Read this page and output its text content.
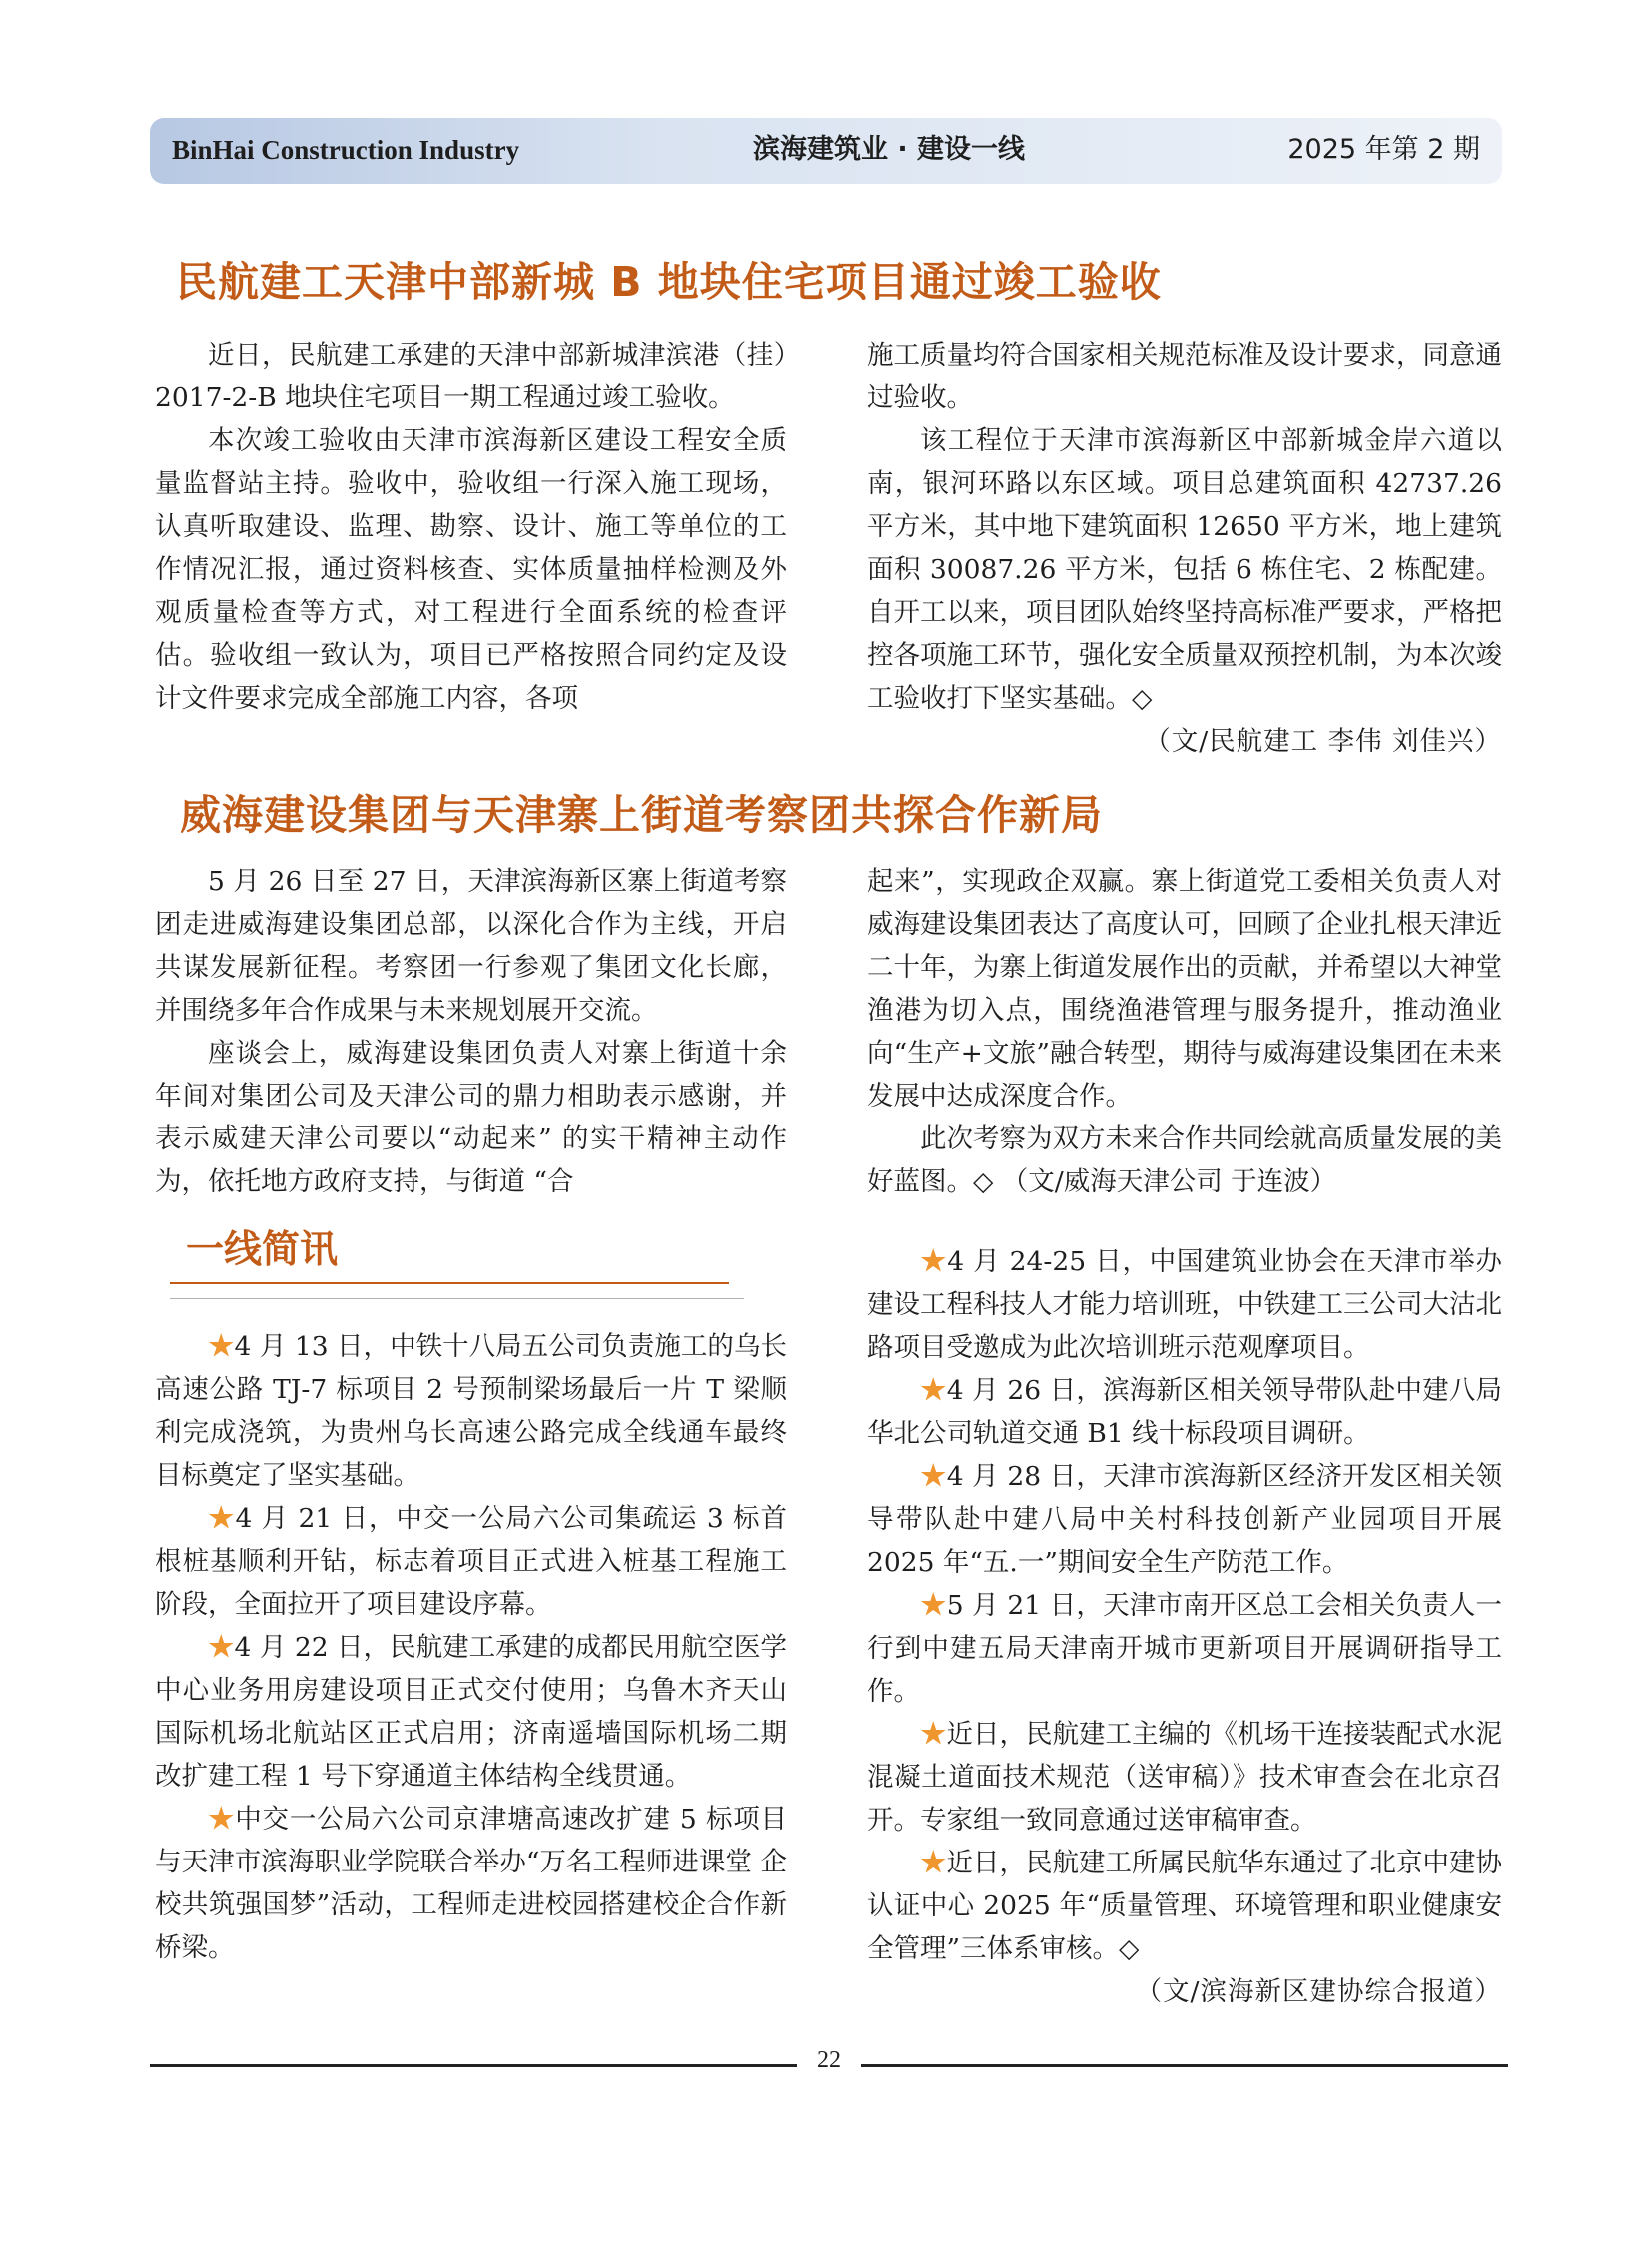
BinHai Construction Industry	滨海建筑业 · 建设一线	2025 年第 2 期
民航建工天津中部新城 B 地块住宅项目通过竣工验收

近日，民航建工承建的天津中部新城津滨港（挂）2017-2-B 地块住宅项目一期工程通过竣工验收。

本次竣工验收由天津市滨海新区建设工程安全质量监督站主持。验收中，验收组一行深入施工现场，认真听取建设、监理、勘察、设计、施工等单位的工作情况汇报，通过资料核查、实体质量抽样检测及外观质量检查等方式，对工程进行全面系统的检查评估。验收组一致认为，项目已严格按照合同约定及设计文件要求完成全部施工内容，各项

施工质量均符合国家相关规范标准及设计要求，同意通过验收。

该工程位于天津市滨海新区中部新城金岸六道以南，银河环路以东区域。项目总建筑面积 42737.26 平方米，其中地下建筑面积 12650 平方米，地上建筑面积 30087.26 平方米，包括 6 栋住宅、2 栋配建。自开工以来，项目团队始终坚持高标准严要求，严格把控各项施工环节，强化安全质量双预控机制，为本次竣工验收打下坚实基础。◇

（文/民航建工 李伟 刘佳兴）

威海建设集团与天津寨上街道考察团共探合作新局

5 月 26 日至 27 日，天津滨海新区寨上街道考察团走进威海建设集团总部，以深化合作为主线，开启共谋发展新征程。考察团一行参观了集团文化长廊，并围绕多年合作成果与未来规划展开交流。

座谈会上，威海建设集团负责人对寨上街道十余年间对集团公司及天津公司的鼎力相助表示感谢，并表示威建天津公司要以“动起来” 的实干精神主动作为，依托地方政府支持，与街道 “合

起来”，实现政企双赢。寨上街道党工委相关负责人对威海建设集团表达了高度认可，回顾了企业扎根天津近二十年，为寨上街道发展作出的贡献，并希望以大神堂渔港为切入点，围绕渔港管理与服务提升，推动渔业向“生产+文旅”融合转型，期待与威海建设集团在未来发展中达成深度合作。

此次考察为双方未来合作共同绘就高质量发展的美好蓝图。◇ （文/威海天津公司 于连波）

一线简讯

★4 月 13 日，中铁十八局五公司负责施工的乌长高速公路 TJ-7 标项目 2 号预制梁场最后一片 T 梁顺利完成浇筑，为贵州乌长高速公路完成全线通车最终目标奠定了坚实基础。

★4 月 21 日，中交一公局六公司集疏运 3 标首根桩基顺利开钻，标志着项目正式进入桩基工程施工阶段，全面拉开了项目建设序幕。

★4 月 22 日，民航建工承建的成都民用航空医学中心业务用房建设项目正式交付使用；乌鲁木齐天山国际机场北航站区正式启用；济南遥墙国际机场二期改扩建工程 1 号下穿通道主体结构全线贯通。

★中交一公局六公司京津塘高速改扩建 5 标项目与天津市滨海职业学院联合举办“万名工程师进课堂 企校共筑强国梦”活动，工程师走进校园搭建校企合作新桥梁。

★4 月 24-25 日，中国建筑业协会在天津市举办建设工程科技人才能力培训班，中铁建工三公司大沽北路项目受邀成为此次培训班示范观摩项目。

★4 月 26 日，滨海新区相关领导带队赴中建八局华北公司轨道交通 B1 线十标段项目调研。

★4 月 28 日，天津市滨海新区经济开发区相关领导带队赴中建八局中关村科技创新产业园项目开展 2025 年“五.一”期间安全生产防范工作。

★5 月 21 日，天津市南开区总工会相关负责人一行到中建五局天津南开城市更新项目开展调研指导工作。

★近日，民航建工主编的《机场干连接装配式水泥混凝土道面技术规范（送审稿）》技术审查会在北京召开。专家组一致同意通过送审稿审查。

★近日，民航建工所属民航华东通过了北京中建协认证中心 2025 年“质量管理、环境管理和职业健康安全管理”三体系审核。◇

（文/滨海新区建协综合报道）

22
